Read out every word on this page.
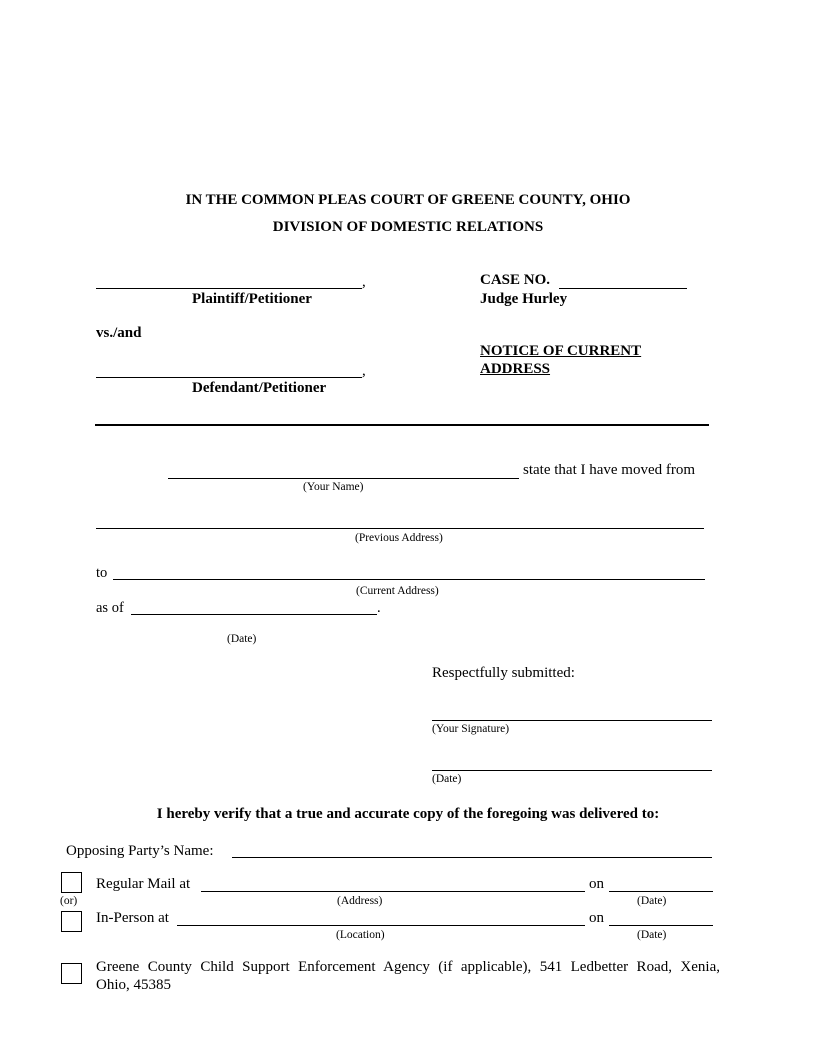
IN THE COMMON PLEAS COURT OF GREENE COUNTY, OHIO
DIVISION OF DOMESTIC RELATIONS
,
Plaintiff/Petitioner
CASE NO.
Judge Hurley
vs./and
NOTICE OF CURRENT
ADDRESS
,
Defendant/Petitioner
state that I have moved from
(Your Name)
(Previous Address)
to
(Current Address)
as of	.
(Date)
Respectfully submitted:
(Your Signature)
(Date)
I hereby verify that a true and accurate copy of the foregoing was delivered to:
Opposing Party’s Name:
Regular Mail at	on
(Address)	(Date)
(or)
In-Person at	on
(Location)	(Date)
Greene County Child Support Enforcement Agency (if applicable), 541 Ledbetter Road, Xenia,
Ohio, 45385
